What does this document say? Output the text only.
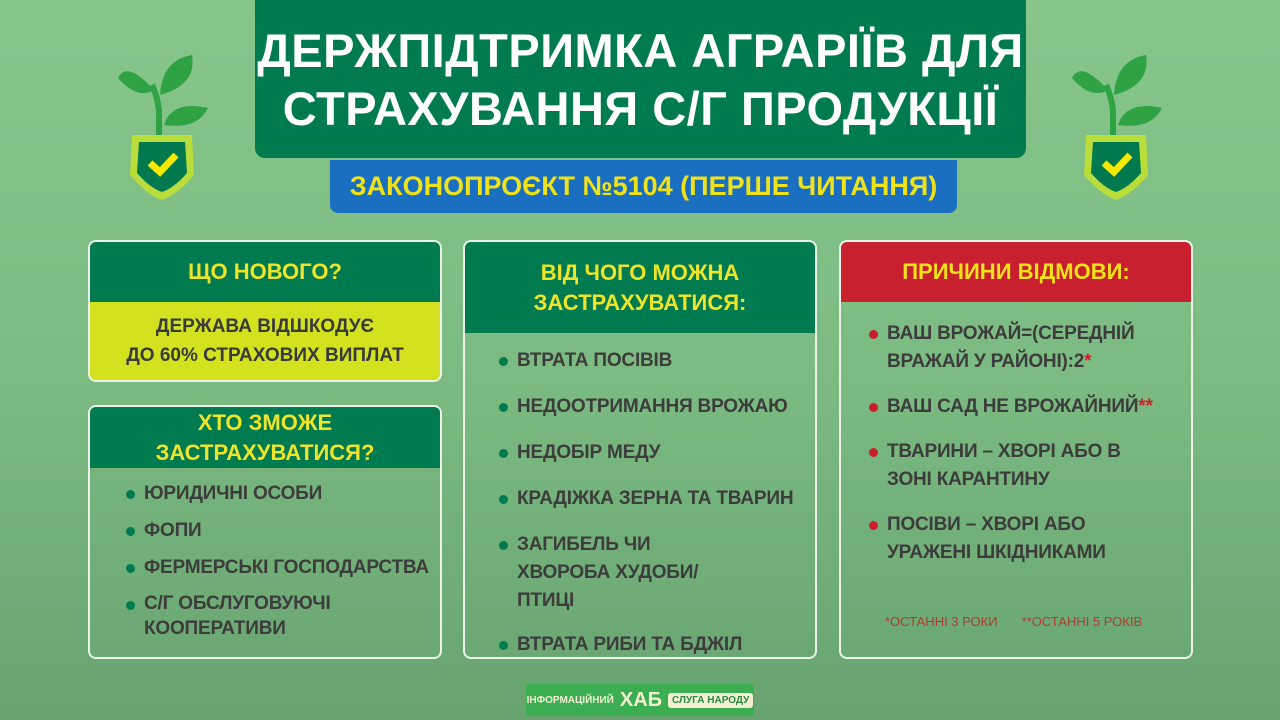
ДЕРЖПІДТРИМКА АГРАРІЇВ ДЛЯ
СТРАХУВАННЯ С/Г ПРОДУКЦІЇ
ЗАКОНОПРОЄКТ №5104 (ПЕРШЕ ЧИТАННЯ)
ЩО НОВОГО?
ДЕРЖАВА ВІДШКОДУЄ
ДО 60% СТРАХОВИХ ВИПЛАТ
ХТО ЗМОЖЕ ЗАСТРАХУВАТИСЯ?
ЮРИДИЧНІ ОСОБИ
ФОПИ
ФЕРМЕРСЬКІ ГОСПОДАРСТВА
С/Г ОБСЛУГОВУЮЧІ КООПЕРАТИВИ
ВІД ЧОГО МОЖНА ЗАСТРАХУВАТИСЯ:
ВТРАТА ПОСІВІВ
НЕДООТРИМАННЯ ВРОЖАЮ
НЕДОБІР МЕДУ
КРАДІЖКА ЗЕРНА ТА ТВАРИН
ЗАГИБЕЛЬ ЧИ ХВОРОБА ХУДОБИ/ПТИЦІ
ВТРАТА РИБИ ТА БДЖІЛ
ПРИЧИНИ ВІДМОВИ:
ВАШ ВРОЖАЙ=(СЕРЕДНІЙ ВРАЖАЙ У РАЙОНІ):2*
ВАШ САД НЕ ВРОЖАЙНИЙ**
ТВАРИНИ – ХВОРІ АБО В ЗОНІ КАРАНТИНУ
ПОСІВИ – ХВОРІ АБО УРАЖЕНІ ШКІДНИКАМИ
*ОСТАННІ 3 РОКИ **ОСТАННІ 5 РОКІВ
ІНФОРМАЦІЙНИЙ ХАБ	СЛУГА НАРОДУ
